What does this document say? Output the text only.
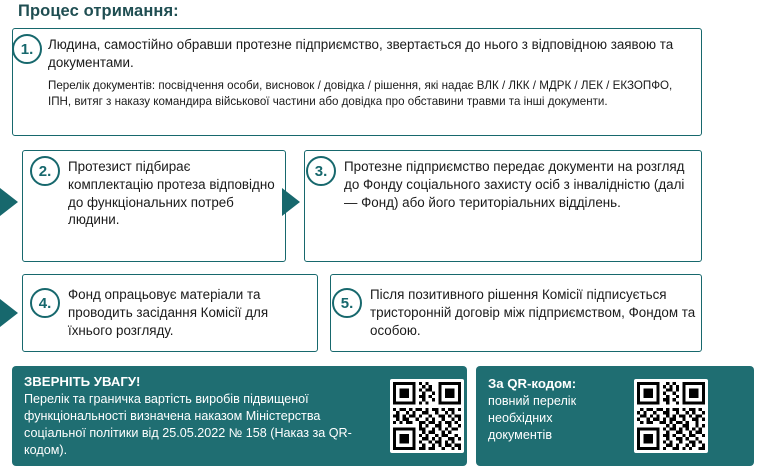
Процес отримання:
1.	Людина, самостійно обравши протезне підприємство, звертається до нього з відповідною заявою та документами.
Перелік документів: посвідчення особи, висновок / довідка / рішення, які надає ВЛК / ЛКК / МДРК / ЛЕК / ЕКЗОПФО, ІПН, витяг з наказу командира військової частини або довідка про обставини травми та інші документи.
2.	Протезист підбирає комплектацію протеза відповідно до функціональних потреб людини.
3.	Протезне підприємство передає документи на розгляд до Фонду соціального захисту осіб з інвалідністю (далі — Фонд) або його територіальних відділень.
4.	Фонд опрацьовує матеріали та проводить засідання Комісії для їхнього розгляду.
5.	Після позитивного рішення Комісії підписується тристоронній договір між підприємством, Фондом та особою.
ЗВЕРНІТЬ УВАГУ!
Перелік та граничка вартість виробів підвищеної функціональності визначена наказом Міністерства соціальної політики від 25.05.2022 № 158 (Наказ за QR-кодом).
За QR-кодом:
повний перелік необхідних документів
